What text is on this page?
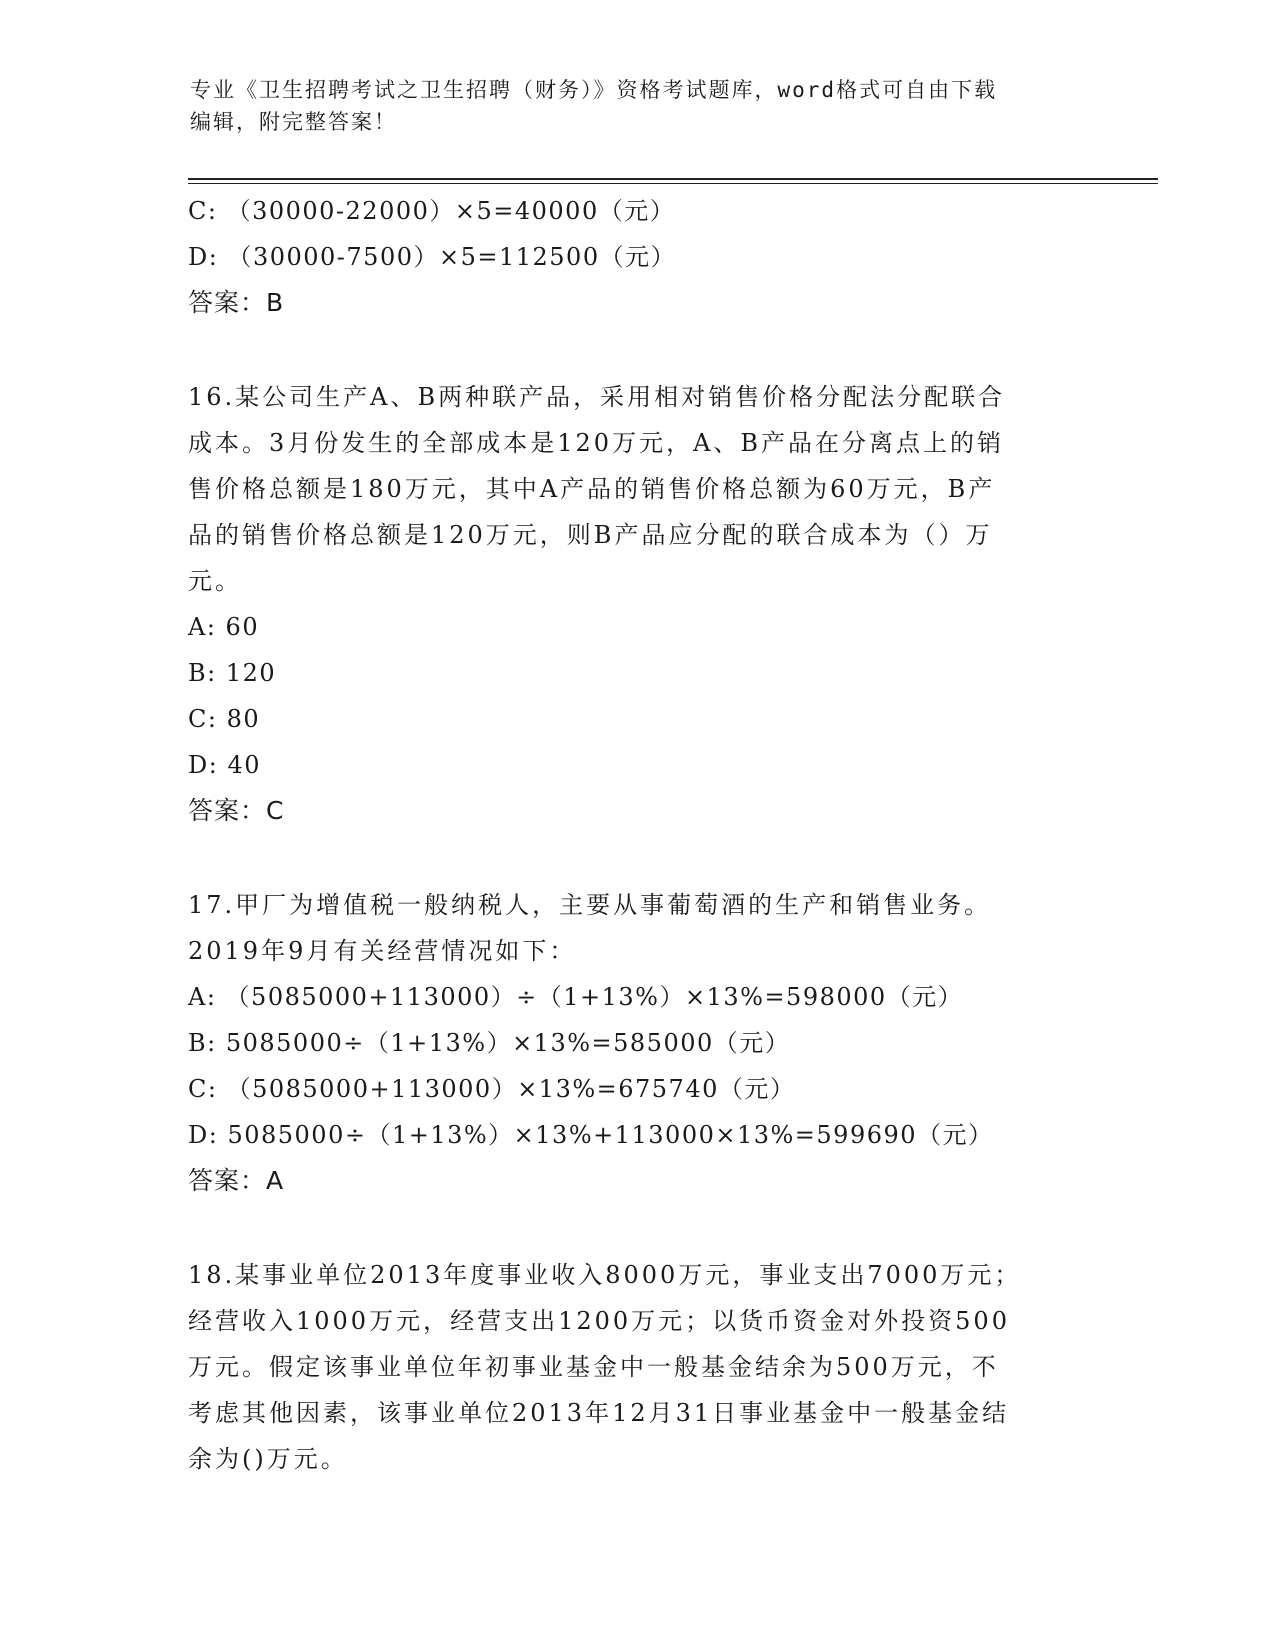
专业《卫生招聘考试之卫生招聘（财务）》资格考试题库，word格式可自由下载
编辑，附完整答案！
C: （30000-22000）×5=40000（元）
D: （30000-7500）×5=112500（元）
答案：B
16.某公司生产A、B两种联产品，采用相对销售价格分配法分配联合
成本。3月份发生的全部成本是120万元，A、B产品在分离点上的销
售价格总额是180万元，其中A产品的销售价格总额为60万元，B产
品的销售价格总额是120万元，则B产品应分配的联合成本为（）万
元。
A: 60
B: 120
C: 80
D: 40
答案：C
17.甲厂为增值税一般纳税人，主要从事葡萄酒的生产和销售业务。
2019年9月有关经营情况如下：
A: （5085000+113000）÷（1+13%）×13%=598000（元）
B: 5085000÷（1+13%）×13%=585000（元）
C: （5085000+113000）×13%=675740（元）
D: 5085000÷（1+13%）×13%+113000×13%=599690（元）
答案：A
18.某事业单位2013年度事业收入8000万元，事业支出7000万元；
经营收入1000万元，经营支出1200万元；以货币资金对外投资500
万元。假定该事业单位年初事业基金中一般基金结余为500万元，不
考虑其他因素，该事业单位2013年12月31日事业基金中一般基金结
余为()万元。
